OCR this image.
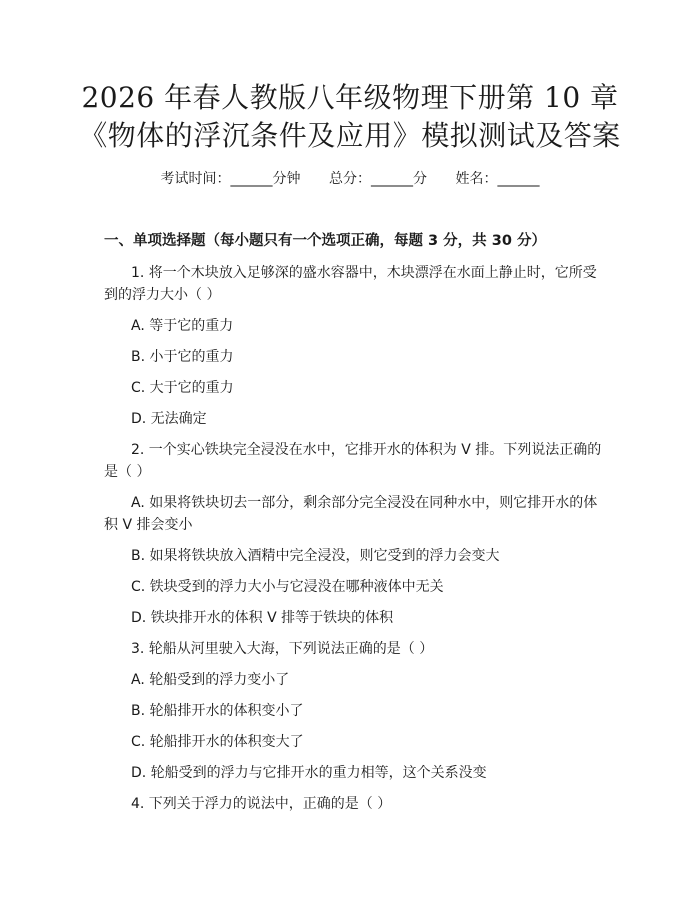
2026 年春人教版八年级物理下册第 10 章
《物体的浮沉条件及应用》模拟测试及答案
考试时间：______分钟 总分：______分 姓名：______
一、单项选择题（每小题只有一个选项正确，每题 3 分，共 30 分）
1. 将一个木块放入足够深的盛水容器中，木块漂浮在水面上静止时，它所受
到的浮力大小（ ）
A. 等于它的重力
B. 小于它的重力
C. 大于它的重力
D. 无法确定
2. 一个实心铁块完全浸没在水中，它排开水的体积为 V 排。下列说法正确的
是（ ）
A. 如果将铁块切去一部分，剩余部分完全浸没在同种水中，则它排开水的体
积 V 排会变小
B. 如果将铁块放入酒精中完全浸没，则它受到的浮力会变大
C. 铁块受到的浮力大小与它浸没在哪种液体中无关
D. 铁块排开水的体积 V 排等于铁块的体积
3. 轮船从河里驶入大海，下列说法正确的是（ ）
A. 轮船受到的浮力变小了
B. 轮船排开水的体积变小了
C. 轮船排开水的体积变大了
D. 轮船受到的浮力与它排开水的重力相等，这个关系没变
4. 下列关于浮力的说法中，正确的是（ ）
